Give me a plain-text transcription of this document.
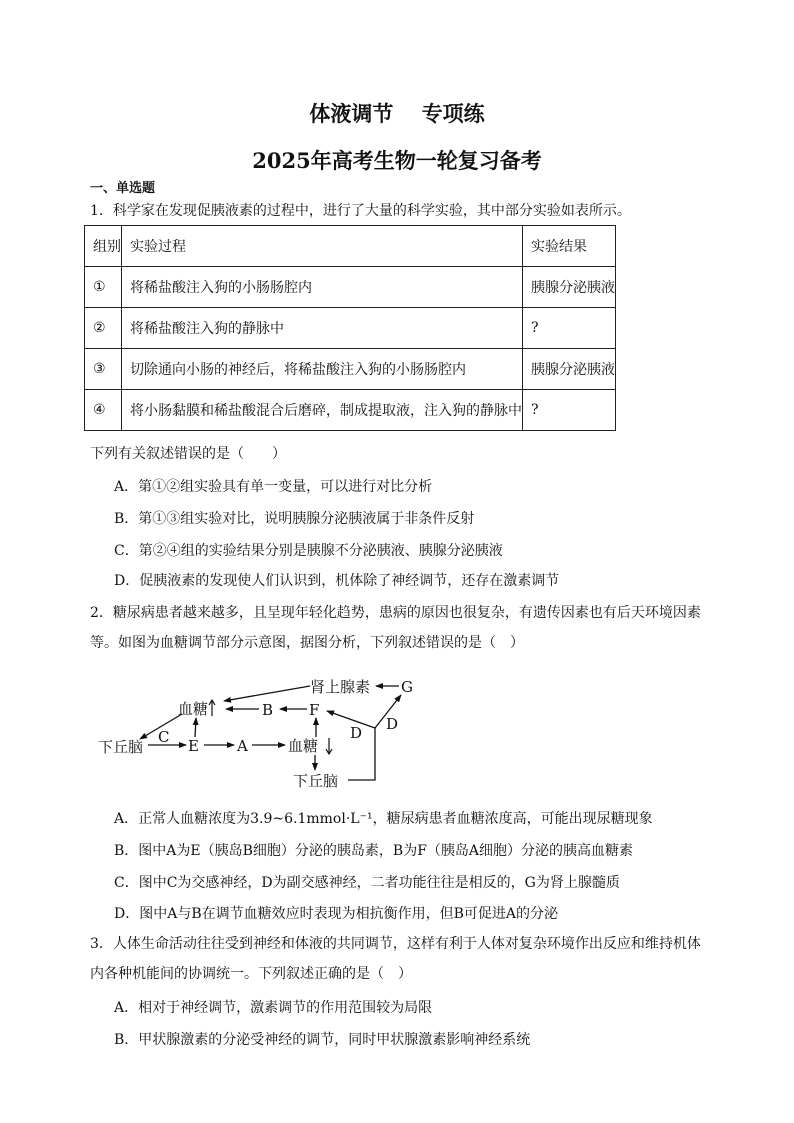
体液调节　 专项练
2025年高考生物一轮复习备考
一、单选题
1．科学家在发现促胰液素的过程中，进行了大量的科学实验，其中部分实验如表所示。
组别	实验过程	实验结果
①	将稀盐酸注入狗的小肠肠腔内	胰腺分泌胰液
②	将稀盐酸注入狗的静脉中	?
③	切除通向小肠的神经后，将稀盐酸注入狗的小肠肠腔内	胰腺分泌胰液
④	将小肠黏膜和稀盐酸混合后磨碎，制成提取液，注入狗的静脉中	?
下列有关叙述错误的是（　　）
A．第①②组实验具有单一变量，可以进行对比分析
B．第①③组实验对比，说明胰腺分泌胰液属于非条件反射
C．第②④组的实验结果分别是胰腺不分泌胰液、胰腺分泌胰液
D．促胰液素的发现使人们认识到，机体除了神经调节，还存在激素调节
2．糖尿病患者越来越多，且呈现年轻化趋势，患病的原因也很复杂，有遗传因素也有后天环境因素
等。如图为血糖调节部分示意图，据图分析，下列叙述错误的是（　）
肾上腺素 G
血糖	B F
D
D
C
下丘脑	E	A	血糖
下丘脑
A．正常人血糖浓度为3.9~6.1mmol·L⁻¹，糖尿病患者血糖浓度高，可能出现尿糖现象
B．图中A为E（胰岛B细胞）分泌的胰岛素，B为F（胰岛A细胞）分泌的胰高血糖素
C．图中C为交感神经，D为副交感神经，二者功能往往是相反的，G为肾上腺髓质
D．图中A与B在调节血糖效应时表现为相抗衡作用，但B可促进A的分泌
3．人体生命活动往往受到神经和体液的共同调节，这样有利于人体对复杂环境作出反应和维持机体
内各种机能间的协调统一。下列叙述正确的是（　）
A．相对于神经调节，激素调节的作用范围较为局限
B．甲状腺激素的分泌受神经的调节，同时甲状腺激素影响神经系统
